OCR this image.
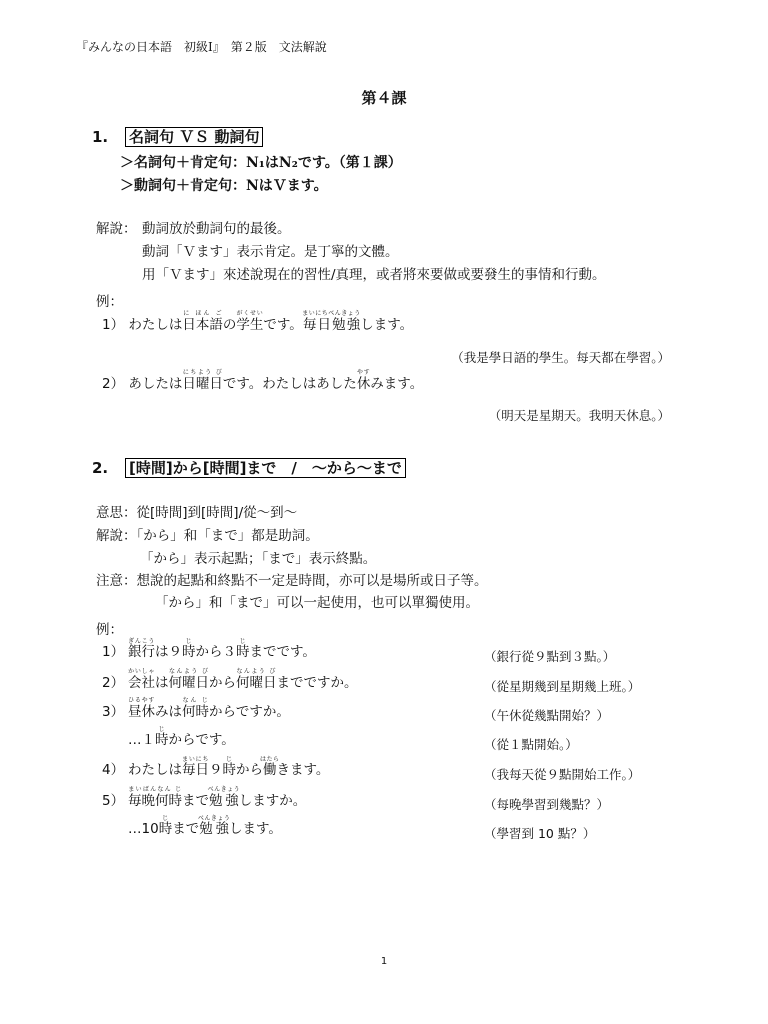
『みんなの日本語　初級Ⅰ』　第２版　文法解說
第４課
1. 名詞句 ＶＳ 動詞句
＞名詞句＋肯定句：N₁はN₂です。（第１課）
＞動詞句＋肯定句：NはＶます。
解說： 動詞放於動詞句的最後。
動詞「Ｖます」表示肯定。是丁寧的文體。
用「Ｖます」來述說現在的習性/真理，或者將來要做或要發生的事情和行動。
例：
1） わたしは日本語に ほん ごの学生がくせいです。毎日勉強まいにちべんきょうします。
（我是學日語的學生。每天都在學習。）
2） あしたは日曜日にちよう びです。わたしはあした休やすみます。
（明天是星期天。我明天休息。）
2. [時間]から[時間]まで　/　～から～まで
意思：從[時間]到[時間]/從～到～
解說：「から」和「まで」都是助詞。
「から」表示起點；「まで」表示終點。
注意：想說的起點和終點不一定是時間，亦可以是場所或日子等。
「から」和「まで」可以一起使用，也可以單獨使用。
例：
1） 銀行ぎんこうは９時じから３時じまでです。	（銀行從９點到３點。）
2） 会社かいしゃは何曜日なんよう びから何曜日なんよう びまでですか。	（從星期幾到星期幾上班。）
3） 昼休ひるやすみは何時なん じからですか。	（午休從幾點開始？）
…１時じからです。	（從１點開始。）
4） わたしは毎日まいにち９時じから働はたらきます。	（我每天從９點開始工作。）
5） 毎晩何時まいばんなん じまで勉強べんきょうしますか。	（每晚學習到幾點？）
…10時じまで勉強べんきょうします。	（學習到 10 點？）
1
